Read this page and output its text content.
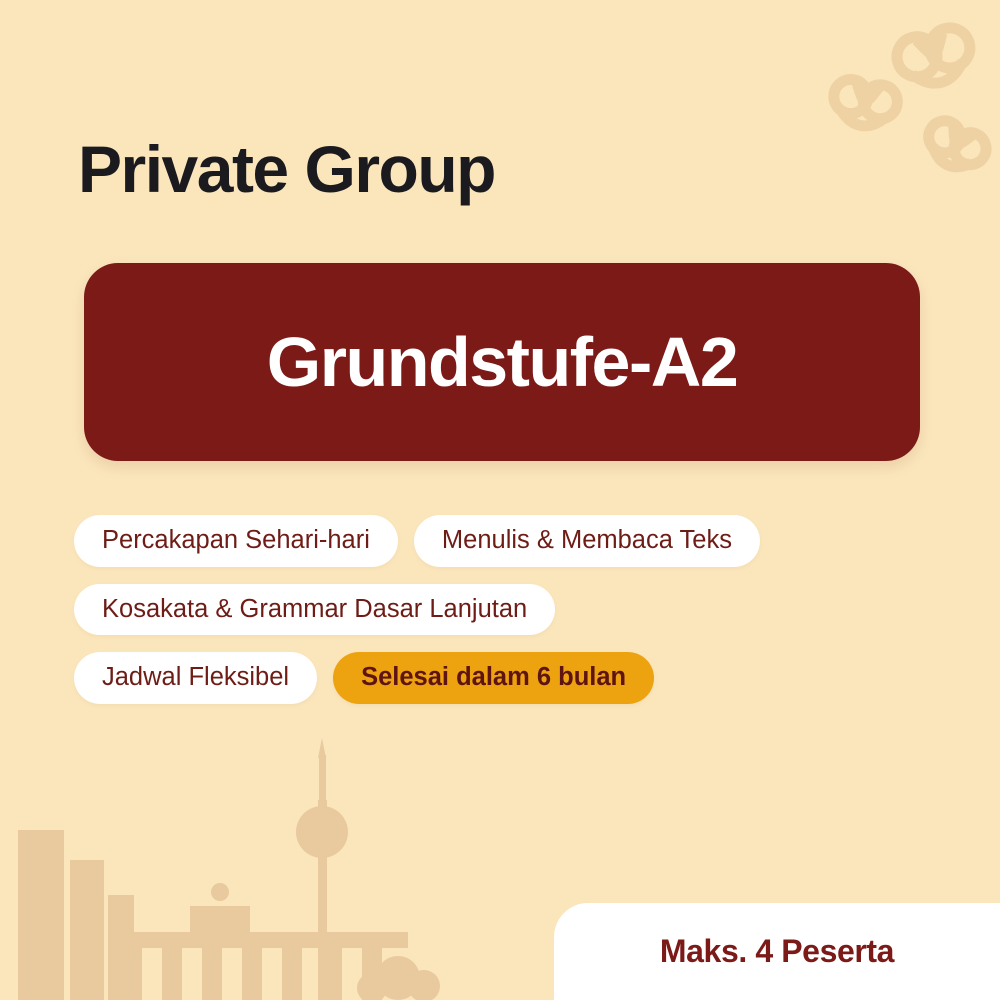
Private Group
Grundstufe-A2
Percakapan Sehari-hari	Menulis & Membaca Teks
Kosakata & Grammar Dasar Lanjutan
Jadwal Fleksibel	Selesai dalam 6 bulan
Maks. 4 Peserta
